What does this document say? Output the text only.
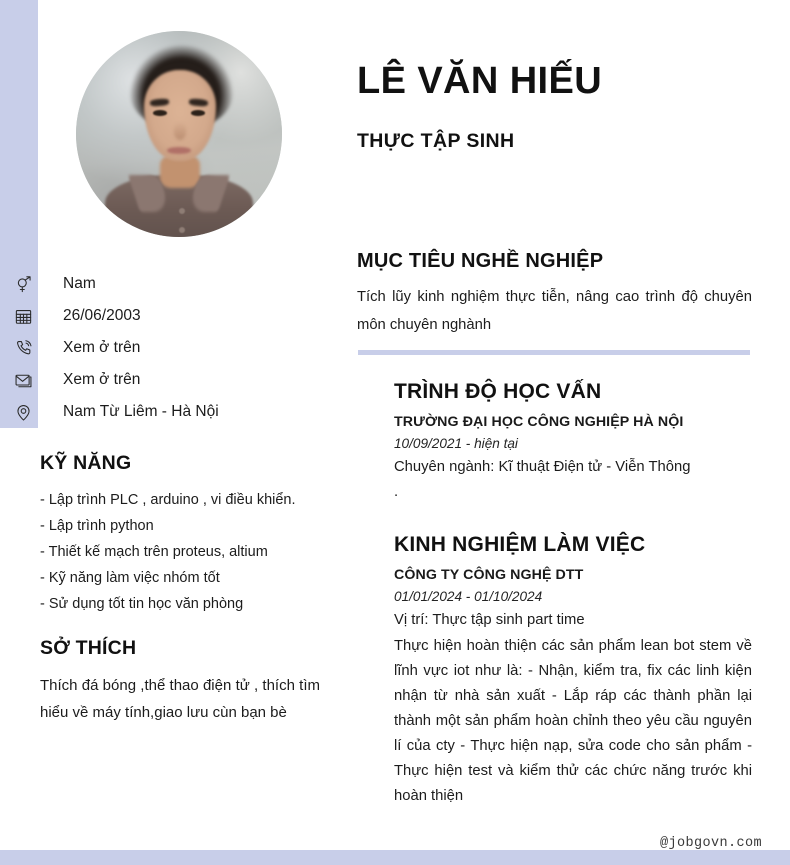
LÊ VĂN HIẾU
THỰC TẬP SINH
Nam
26/06/2003
Xem ở trên
Xem ở trên
Nam Từ Liêm - Hà Nội
KỸ NĂNG
- Lập trình PLC , arduino , vi điều khiển.
- Lập trình python
- Thiết kế mạch trên proteus, altium
- Kỹ năng làm việc nhóm tốt
- Sử dụng tốt tin học văn phòng
SỞ THÍCH
Thích đá bóng ,thể thao điện tử , thích tìm hiểu về máy tính,giao lưu cùn bạn bè
MỤC TIÊU NGHỀ NGHIỆP
Tích lũy kinh nghiệm thực tiễn, nâng cao trình độ chuyên môn chuyên nghành
TRÌNH ĐỘ HỌC VẤN
TRƯỜNG ĐẠI HỌC CÔNG NGHIỆP HÀ NỘI
10/09/2021 - hiện tại
Chuyên ngành: Kĩ thuật Điện tử - Viễn Thông
.
KINH NGHIỆM LÀM VIỆC
CÔNG TY CÔNG NGHỆ DTT
01/01/2024 - 01/10/2024
Vị trí: Thực tập sinh part time
Thực hiện hoàn thiện các sản phẩm lean bot stem về lĩnh vực iot như là: - Nhận, kiểm tra, fix các linh kiện nhận từ nhà sản xuất - Lắp ráp các thành phần lại thành một sản phẩm hoàn chỉnh theo yêu cầu nguyên lí của cty - Thực hiện nạp, sửa code cho sản phẩm - Thực hiện test và kiểm thử các chức năng trước khi hoàn thiện
@jobgovn.com
